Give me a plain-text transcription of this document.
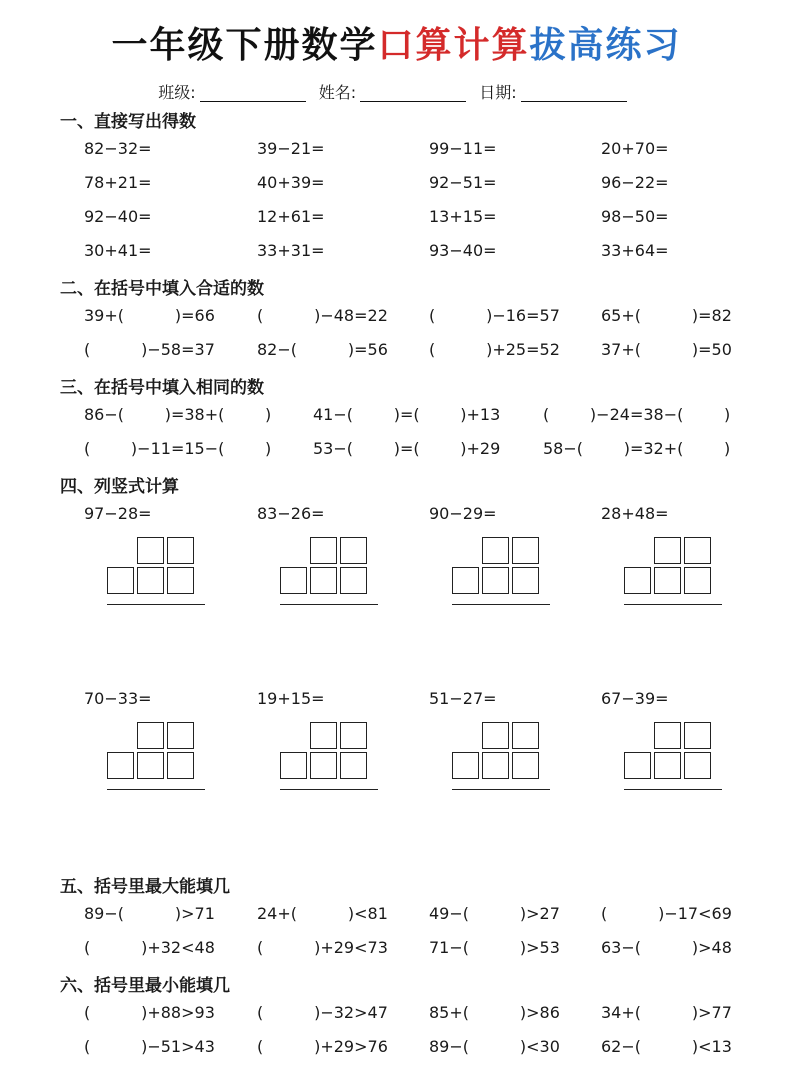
一年级下册数学口算计算拔高练习
班级:	姓名:	日期:
一、直接写出得数
82−32=	39−21=	99−11=	20+70=
78+21=	40+39=	92−51=	96−22=
92−40=	12+61=	13+15=	98−50=
30+41=	33+31=	93−40=	33+64=
二、在括号中填入合适的数
39+(          )=66	(          )−48=22	(          )−16=57	65+(          )=82
(          )−58=37	82−(          )=56	(          )+25=52	37+(          )=50
三、在括号中填入相同的数
86−(        )=38+(        )	41−(        )=(        )+13	(        )−24=38−(        )
(        )−11=15−(        )	53−(        )=(        )+29	58−(        )=32+(        )
四、列竖式计算
97−28=	83−26=	90−29=	28+48=
70−33=	19+15=	51−27=	67−39=
五、括号里最大能填几
89−(          )>71	24+(          )<81	49−(          )>27	(          )−17<69
(          )+32<48	(          )+29<73	71−(          )>53	63−(          )>48
六、括号里最小能填几
(          )+88>93	(          )−32>47	85+(          )>86	34+(          )>77
(          )−51>43	(          )+29>76	89−(          )<30	62−(          )<13
